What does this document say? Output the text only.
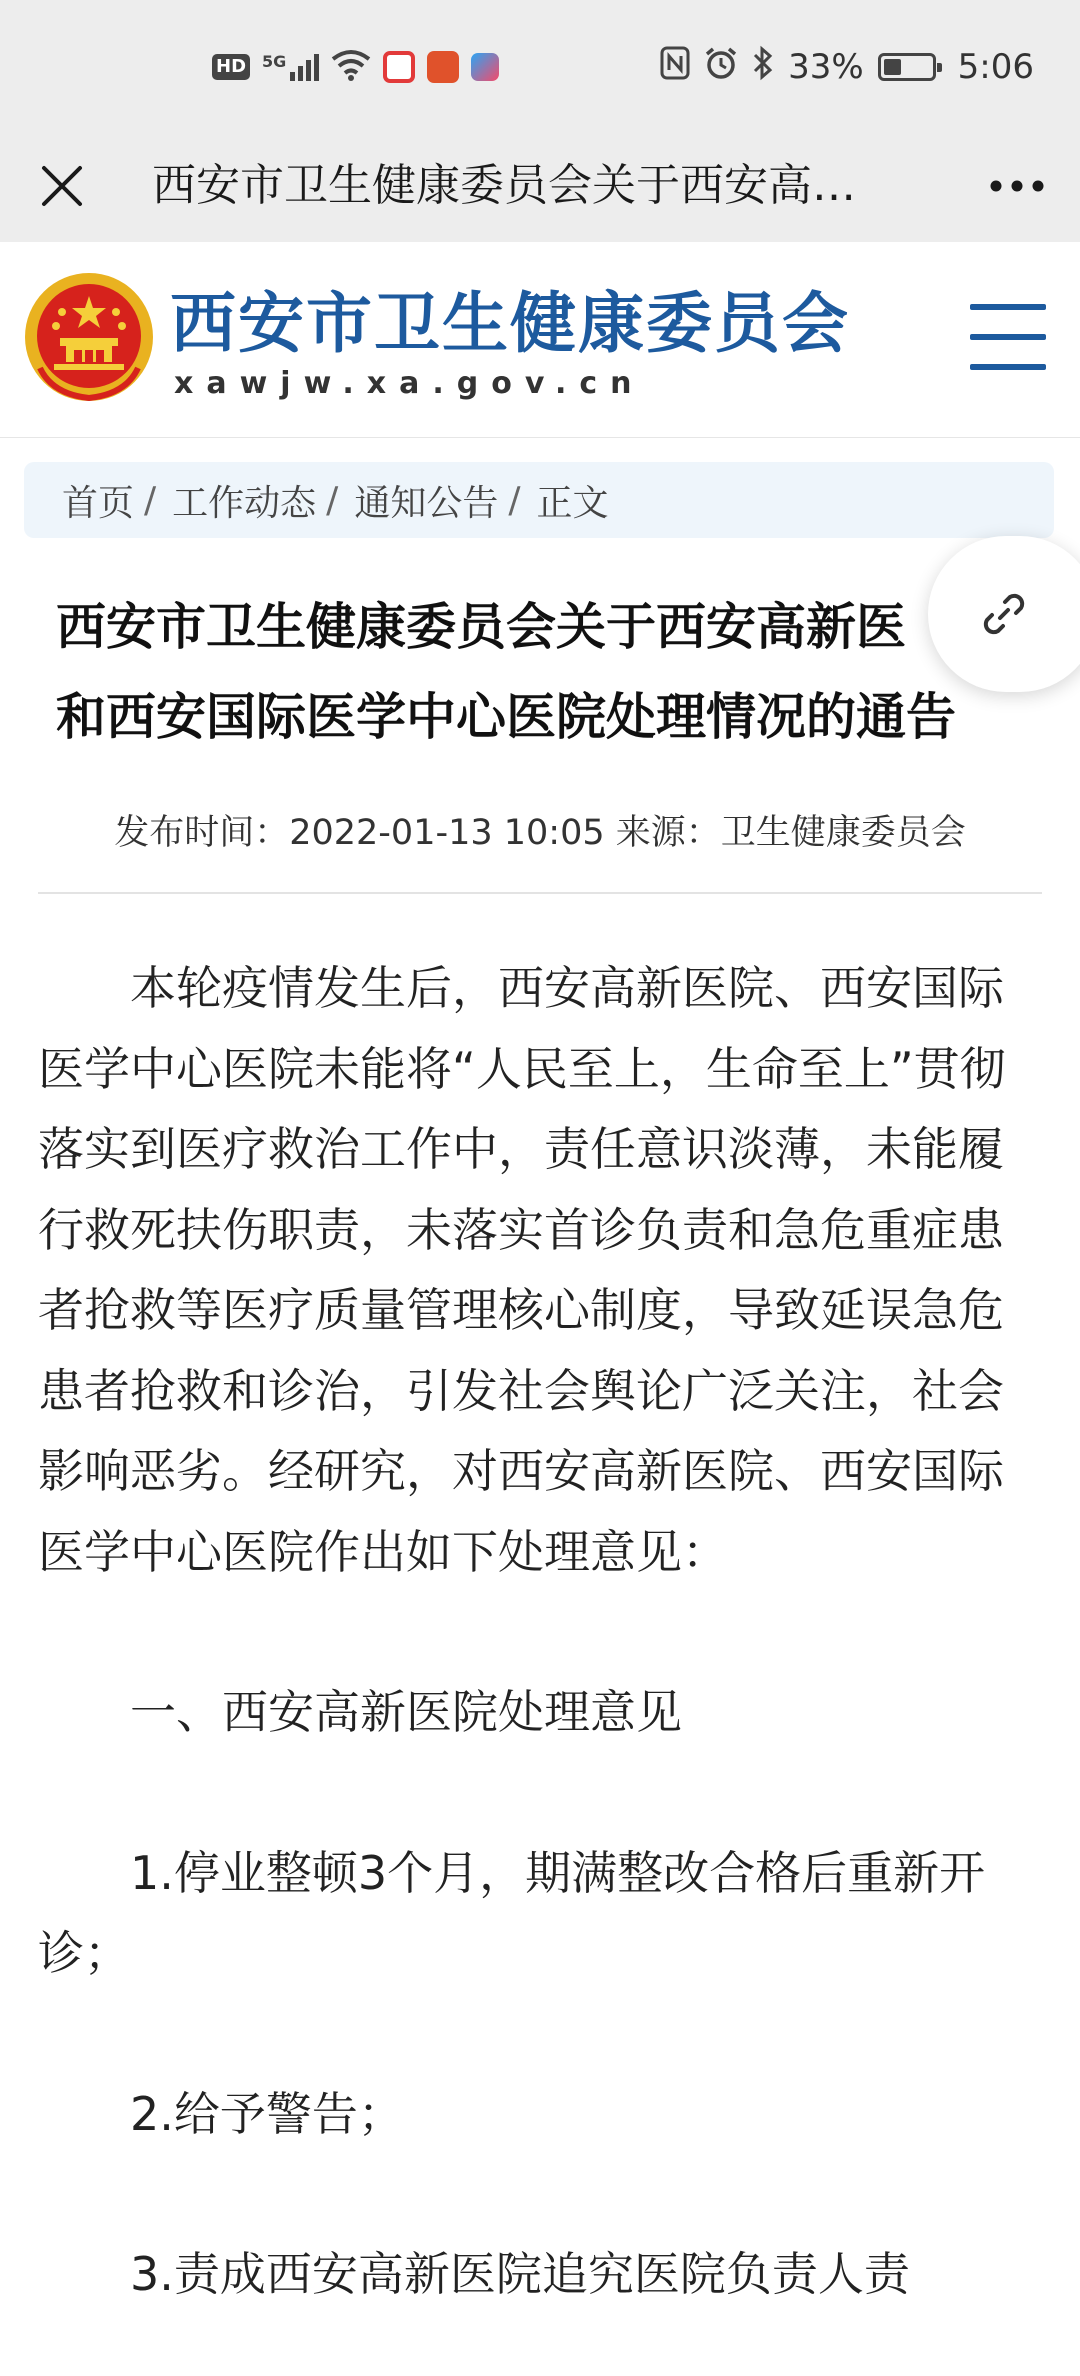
HD 5G	33%	5:06
西安市卫生健康委员会关于西安高…
西安市卫生健康委员会
xawjw.xa.gov.cn
首页 / 工作动态 / 通知公告 / 正文
西安市卫生健康委员会关于西安高新医
和西安国际医学中心医院处理情况的通告
发布时间：2022-01-13 10:05 来源：卫生健康委员会

本轮疫情发生后，西安高新医院、西安国际医学中心医院未能将“人民至上，生命至上”贯彻落实到医疗救治工作中，责任意识淡薄，未能履行救死扶伤职责，未落实首诊负责和急危重症患者抢救等医疗质量管理核心制度，导致延误急危患者抢救和诊治，引发社会舆论广泛关注，社会影响恶劣。经研究，对西安高新医院、西安国际医学中心医院作出如下处理意见：

一、西安高新医院处理意见

1.停业整顿3个月，期满整改合格后重新开诊；

2.给予警告；

3.责成西安高新医院追究医院负责人责
